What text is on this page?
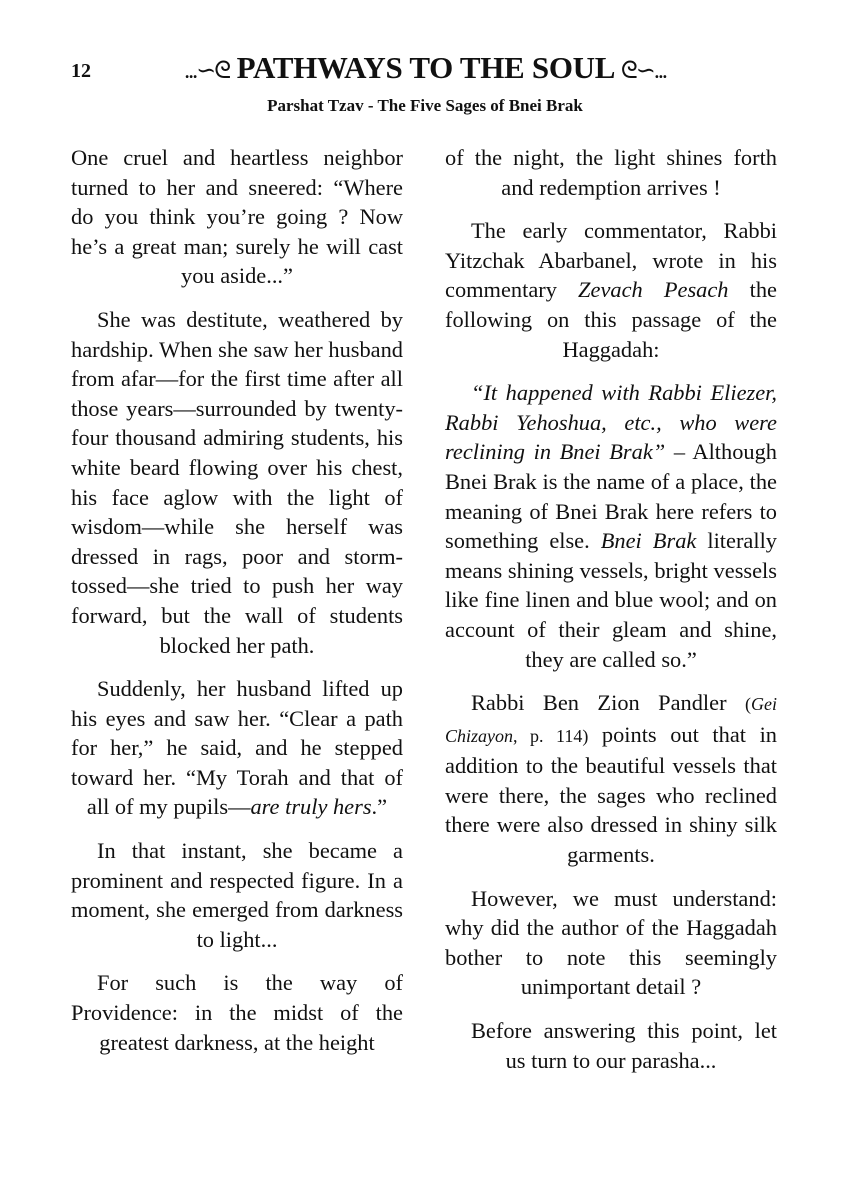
12	...∽ᘓ PATHWAYS TO THE SOUL ᘓ∽...
Parshat Tzav - The Five Sages of Bnei Brak

One cruel and heartless neighbor turned to her and sneered: “Where do you think you’re going ? Now he’s a great man; surely he will cast you aside...”

She was destitute, weathered by hardship. When she saw her husband from afar—for the first time after all those years—surrounded by twenty-four thousand admiring students, his white beard flowing over his chest, his face aglow with the light of wisdom—while she herself was dressed in rags, poor and storm-tossed—she tried to push her way forward, but the wall of students blocked her path.

Suddenly, her husband lifted up his eyes and saw her. “Clear a path for her,” he said, and he stepped toward her. “My Torah and that of all of my pupils—are truly hers.”

In that instant, she became a prominent and respected figure. In a moment, she emerged from darkness to light...

For such is the way of Providence: in the midst of the greatest darkness, at the height

of the night, the light shines forth and redemption arrives !

The early commentator, Rabbi Yitzchak Abarbanel, wrote in his commentary Zevach Pesach the following on this passage of the Haggadah:

“It happened with Rabbi Eliezer, Rabbi Yehoshua, etc., who were reclining in Bnei Brak” – Although Bnei Brak is the name of a place, the meaning of Bnei Brak here refers to something else. Bnei Brak literally means shining vessels, bright vessels like fine linen and blue wool; and on account of their gleam and shine, they are called so.”

Rabbi Ben Zion Pandler (Gei Chizayon, p. 114) points out that in addition to the beautiful vessels that were there, the sages who reclined there were also dressed in shiny silk garments.

However, we must understand: why did the author of the Haggadah bother to note this seemingly unimportant detail ?

Before answering this point, let us turn to our parasha...
